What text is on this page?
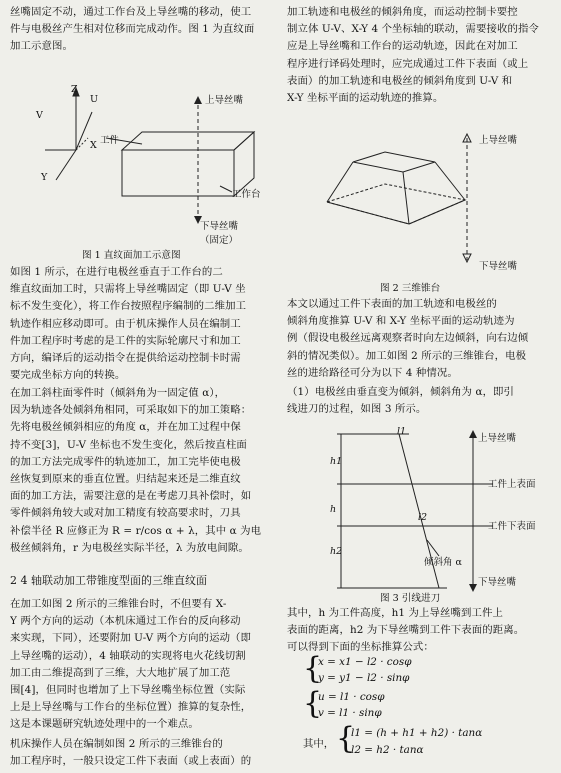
丝嘴固定不动，通过工作台及上导丝嘴的移动，使工
件与电极丝产生相对位移而完成动作。图 1 为直纹面
加工示意图。
Z
U
V
X
Y
上导丝嘴
工件
工作台
下导丝嘴
（固定）
图 1 直纹面加工示意图
如图 1 所示，在进行电极丝垂直于工作台的二
维直纹面加工时，只需将上导丝嘴固定（即 U-V 坐
标不发生变化），将工作台按照程序编制的二维加工
轨迹作相应移动即可。由于机床操作人员在编制工
件加工程序时考虑的是工件的实际轮廓尺寸和加工
方向，编译后的运动指令在提供给运动控制卡时需
要完成坐标方向的转换。
在加工斜柱面零件时（倾斜角为一固定值 α），
因为轨迹各处倾斜角相同，可采取如下的加工策略：
先将电极丝倾斜相应的角度 α，并在加工过程中保
持不变[3]，U-V 坐标也不发生变化，然后按直柱面
的加工方法完成零件的轨迹加工，加工完毕使电极
丝恢复到原来的垂直位置。归结起来还是二维直纹
面的加工方法，需要注意的是在考虑刀具补偿时，如
零件倾斜角较大或对加工精度有较高要求时，刀具
补偿半径 R 应修正为 R = r/cos α + λ，其中 α 为电
极丝倾斜角，r 为电极丝实际半径，λ 为放电间隙。
2 4 轴联动加工带锥度型面的三维直纹面
在加工如图 2 所示的三维锥台时，不但要有 X-
Y 两个方向的运动（本机床通过工作台的反向移动
来实现，下同），还要附加 U-V 两个方向的运动（即
上导丝嘴的运动），4 轴联动的实现将电火花线切割
加工由二维提高到了三维，大大地扩展了加工范
围[4]，但同时也增加了上下导丝嘴坐标位置（实际
上是上导丝嘴与工作台的坐标位置）推算的复杂性，
这是本课题研究轨迹处理中的一个难点。
机床操作人员在编制如图 2 所示的三维锥台的
加工程序时，一般只设定工件下表面（或上表面）的
加工轨迹和电极丝的倾斜角度，而运动控制卡要控
制立体 U-V、X-Y 4 个坐标轴的联动，需要接收的指令
应是上导丝嘴和工作台的运动轨迹，因此在对加工
程序进行译码处理时，应完成通过工件下表面（或上
表面）的加工轨迹和电极丝的倾斜角度到 U-V 和
X-Y 坐标平面的运动轨迹的推算。
上导丝嘴
下导丝嘴
图 2 三维锥台
本文以通过工件下表面的加工轨迹和电极丝的
倾斜角度推算 U-V 和 X-Y 坐标平面的运动轨迹为
例（假设电极丝远离观察者时向左边倾斜，向右边倾
斜的情况类似）。加工如图 2 所示的三维锥台，电极
丝的进给路径可分为以下 4 种情况。
（1）电极丝由垂直变为倾斜，倾斜角为 α，即引
线进刀的过程，如图 3 所示。
l1
l2
h1
h
h2
上导丝嘴
工件上表面
工件下表面
倾斜角 α
下导丝嘴
图 3 引线进刀
其中，h 为工件高度，h1 为上导丝嘴到工件上
表面的距离，h2 为下导丝嘴到工件下表面的距离。
可以得到下面的坐标推算公式：
{
x = x1 − l2 · cosφ
y = y1 − l2 · sinφ
{
u = l1 · cosφ
v = l1 · sinφ
其中， {
l1 = (h + h1 + h2) · tanα
l2 = h2 · tanα
